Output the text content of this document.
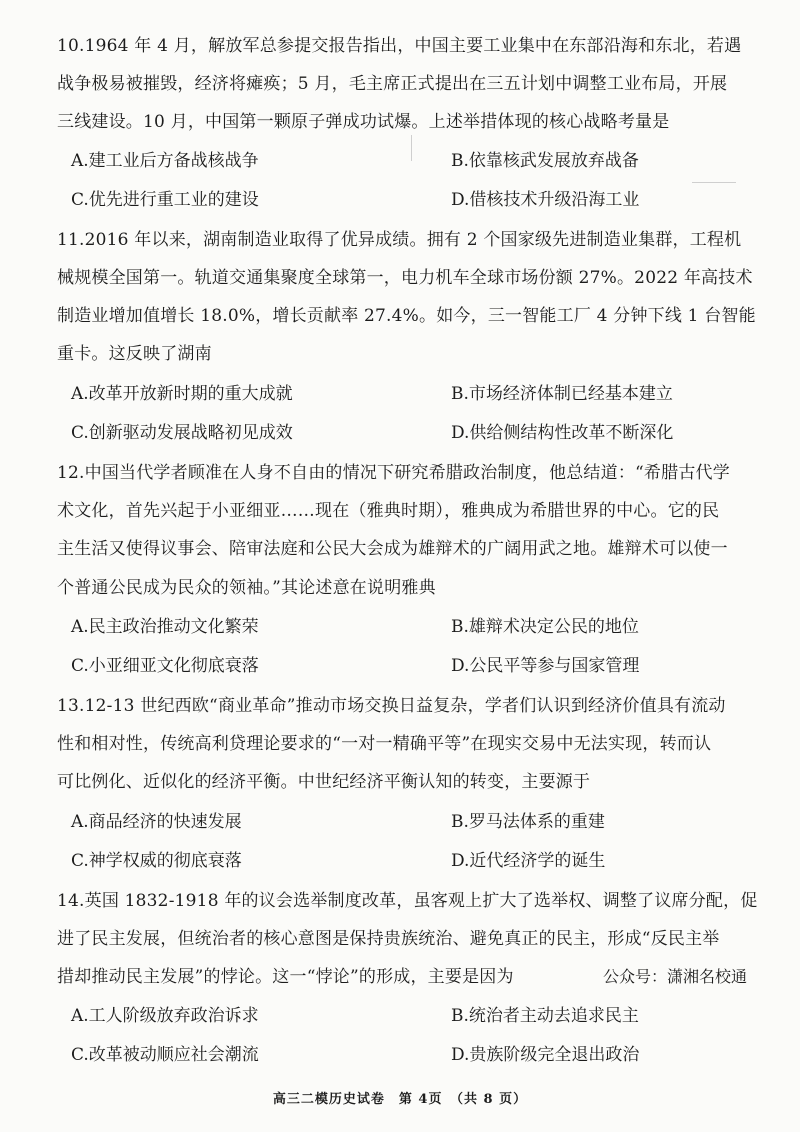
10.1964 年 4 月，解放军总参提交报告指出，中国主要工业集中在东部沿海和东北，若遇
战争极易被摧毁，经济将瘫痪；5 月，毛主席正式提出在三五计划中调整工业布局，开展
三线建设。10 月，中国第一颗原子弹成功试爆。上述举措体现的核心战略考量是
A.建工业后方备战核战争	B.依靠核武发展放弃战备
C.优先进行重工业的建设	D.借核技术升级沿海工业
11.2016 年以来，湖南制造业取得了优异成绩。拥有 2 个国家级先进制造业集群，工程机
械规模全国第一。轨道交通集聚度全球第一，电力机车全球市场份额 27%。2022 年高技术
制造业增加值增长 18.0%，增长贡献率 27.4%。如今，三一智能工厂 4 分钟下线 1 台智能
重卡。这反映了湖南
A.改革开放新时期的重大成就	B.市场经济体制已经基本建立
C.创新驱动发展战略初见成效	D.供给侧结构性改革不断深化
12.中国当代学者顾准在人身不自由的情况下研究希腊政治制度，他总结道：“希腊古代学
术文化，首先兴起于小亚细亚……现在（雅典时期），雅典成为希腊世界的中心。它的民
主生活又使得议事会、陪审法庭和公民大会成为雄辩术的广阔用武之地。雄辩术可以使一
个普通公民成为民众的领袖。”其论述意在说明雅典
A.民主政治推动文化繁荣	B.雄辩术决定公民的地位
C.小亚细亚文化彻底衰落	D.公民平等参与国家管理
13.12-13 世纪西欧“商业革命”推动市场交换日益复杂，学者们认识到经济价值具有流动
性和相对性，传统高利贷理论要求的“一对一精确平等”在现实交易中无法实现，转而认
可比例化、近似化的经济平衡。中世纪经济平衡认知的转变，主要源于
A.商品经济的快速发展	B.罗马法体系的重建
C.神学权威的彻底衰落	D.近代经济学的诞生
14.英国 1832-1918 年的议会选举制度改革，虽客观上扩大了选举权、调整了议席分配，促
进了民主发展，但统治者的核心意图是保持贵族统治、避免真正的民主，形成“反民主举
措却推动民主发展”的悖论。这一“悖论”的形成，主要是因为	公众号：潇湘名校通
A.工人阶级放弃政治诉求	B.统治者主动去追求民主
C.改革被动顺应社会潮流	D.贵族阶级完全退出政治
高三二模历史试卷　第 4页　（共 8 页）
